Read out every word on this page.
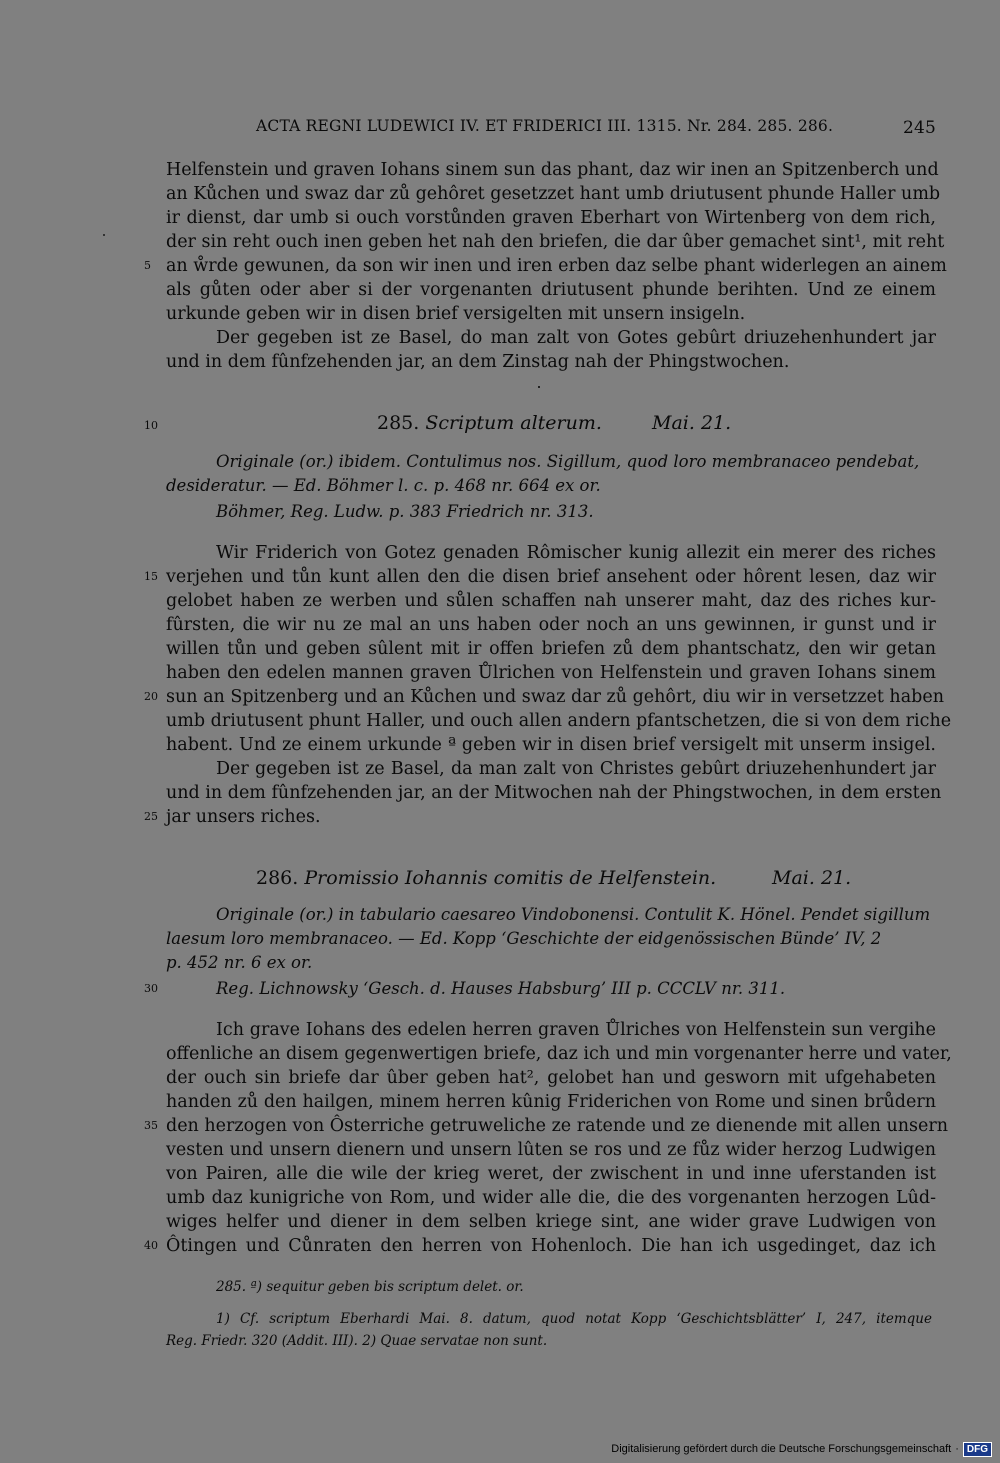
ACTA REGNI LUDEWICI IV. ET FRIDERICI III. 1315. Nr. 284. 285. 286.	245
Helfenstein und graven Iohans sinem sun das phant, daz wir inen an Spitzenberch und
an Kůchen und swaz dar zů gehôret gesetzzet hant umb driutusent phunde Haller umb
ir dienst, dar umb si ouch vorstůnden graven Eberhart von Wirtenberg von dem rich,
der sin reht ouch inen geben het nah den briefen, die dar ûber gemachet sint¹, mit reht
5 an ẘrde gewunen, da son wir inen und iren erben daz selbe phant widerlegen an ainem
als gůten oder aber si der vorgenanten driutusent phunde berihten. Und ze einem
urkunde geben wir in disen brief versigelten mit unsern insigeln.
Der gegeben ist ze Basel, do man zalt von Gotes gebûrt driuzehenhundert jar
und in dem fûnfzehenden jar, an dem Zinstag nah der Phingstwochen.
10	285. Scriptum alterum.	Mai. 21.
Originale (or.) ibidem. Contulimus nos. Sigillum, quod loro membranaceo pendebat,
desideratur. — Ed. Böhmer l. c. p. 468 nr. 664 ex or.
Böhmer, Reg. Ludw. p. 383 Friedrich nr. 313.
Wir Friderich von Gotez genaden Rômischer kunig allezit ein merer des riches
15 verjehen und tůn kunt allen den die disen brief ansehent oder hôrent lesen, daz wir
gelobet haben ze werben und sůlen schaffen nah unserer maht, daz des riches kur-
fûrsten, die wir nu ze mal an uns haben oder noch an uns gewinnen, ir gunst und ir
willen tůn und geben sûlent mit ir offen briefen zů dem phantschatz, den wir getan
haben den edelen mannen graven Ůlrichen von Helfenstein und graven Iohans sinem
20 sun an Spitzenberg und an Kůchen und swaz dar zů gehôrt, diu wir in versetzzet haben
umb driutusent phunt Haller, und ouch allen andern pfantschetzen, die si von dem riche
habent. Und ze einem urkunde ª geben wir in disen brief versigelt mit unserm insigel.
Der gegeben ist ze Basel, da man zalt von Christes gebûrt driuzehenhundert jar
und in dem fûnfzehenden jar, an der Mitwochen nah der Phingstwochen, in dem ersten
25 jar unsers riches.
286. Promissio Iohannis comitis de Helfenstein.	Mai. 21.
Originale (or.) in tabulario caesareo Vindobonensi. Contulit K. Hönel. Pendet sigillum
laesum loro membranaceo. — Ed. Kopp ‘Geschichte der eidgenössischen Bünde’ IV, 2
p. 452 nr. 6 ex or.
30	Reg. Lichnowsky ‘Gesch. d. Hauses Habsburg’ III p. CCCLV nr. 311.
Ich grave Iohans des edelen herren graven Ůlriches von Helfenstein sun vergihe
offenliche an disem gegenwertigen briefe, daz ich und min vorgenanter herre und vater,
der ouch sin briefe dar ûber geben hat², gelobet han und gesworn mit ufgehabeten
handen zů den hailgen, minem herren kûnig Friderichen von Rome und sinen brůdern
35 den herzogen von Ôsterriche getruweliche ze ratende und ze dienende mit allen unsern
vesten und unsern dienern und unsern lûten se ros und ze fůz wider herzog Ludwigen
von Pairen, alle die wile der krieg weret, der zwischent in und inne uferstanden ist
umb daz kunigriche von Rom, und wider alle die, die des vorgenanten herzogen Lûd-
wiges helfer und diener in dem selben kriege sint, ane wider grave Ludwigen von
40 Ôtingen und Cůnraten den herren von Hohenloch. Die han ich usgedinget, daz ich
285. ª) sequitur geben bis scriptum delet. or.
1) Cf. scriptum Eberhardi Mai. 8. datum, quod notat Kopp ‘Geschichtsblätter’ I, 247, itemque
Reg. Friedr. 320 (Addit. III). 2) Quae servatae non sunt.
Digitalisierung gefördert durch die Deutsche Forschungsgemeinschaft · DFG
